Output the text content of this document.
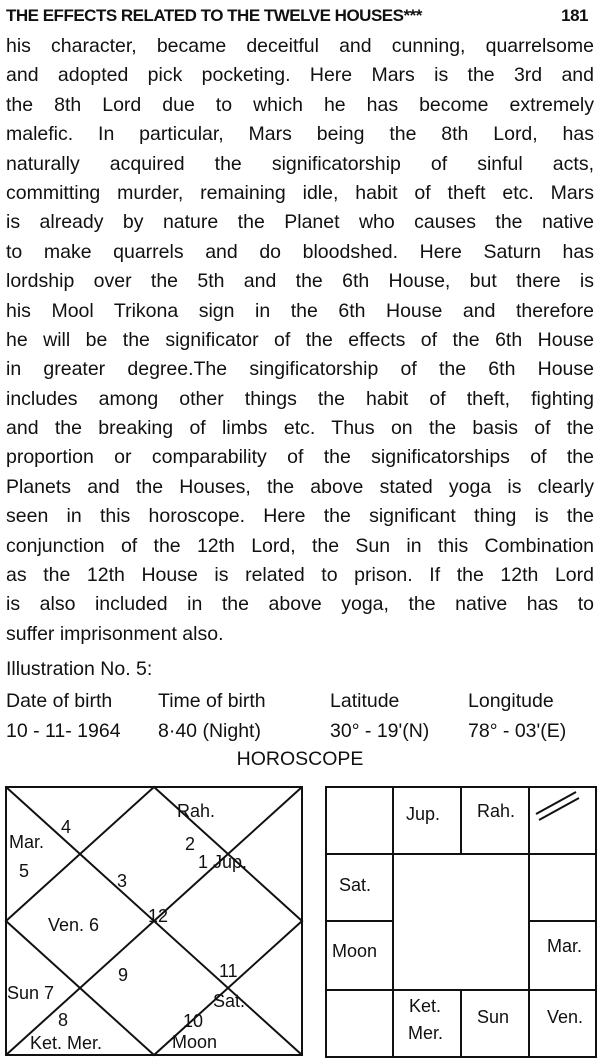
THE EFFECTS RELATED TO THE TWELVE HOUSES***	181
his character, became deceitful and cunning, quarrelsome
and adopted pick pocketing. Here Mars is the 3rd and
the 8th Lord due to which he has become extremely
malefic. In particular, Mars being the 8th Lord, has
naturally acquired the significatorship of sinful acts,
committing murder, remaining idle, habit of theft etc. Mars
is already by nature the Planet who causes the native
to make quarrels and do bloodshed. Here Saturn has
lordship over the 5th and the 6th House, but there is
his Mool Trikona sign in the 6th House and therefore
he will be the significator of the effects of the 6th House
in greater degree.The singificatorship of the 6th House
includes among other things the habit of theft, fighting
and the breaking of limbs etc. Thus on the basis of the
proportion or comparability of the significatorships of the
Planets and the Houses, the above stated yoga is clearly
seen in this horoscope. Here the significant thing is the
conjunction of the 12th Lord, the Sun in this Combination
as the 12th House is related to prison. If the 12th Lord
is also included in the above yoga, the native has to
suffer imprisonment also.
Illustration No. 5:
Date of birth Time of birth	Latitude	Longitude
10 - 11- 1964 8·40 (Night)	30° - 19'(N) 78° - 03'(E)
HOROSCOPE
Rah.
4
Mar.
5
2
1 Jup.
3
Ven. 6	12
9	11
Sun 7	Sat.
8	10
Ket. Mer.	Moon
Jup. Rah.
Sat.
Moon	Mar.
Ket.
Mer.
Sun Ven.
